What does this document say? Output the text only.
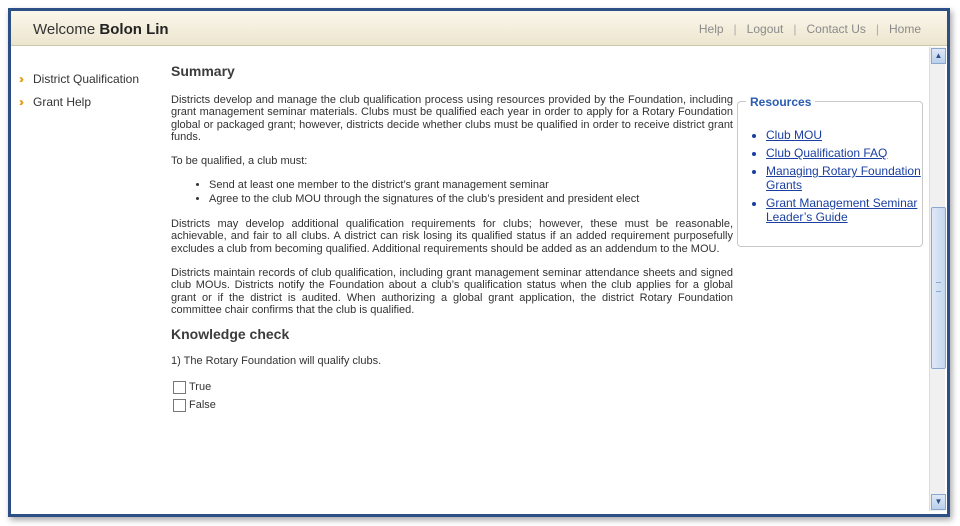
Welcome Bolon Lin	Help | Logout | Contact Us | Home
››	District Qualification
››	Grant Help
Summary

Districts develop and manage the club qualification process using resources provided by the Foundation, including grant management seminar materials. Clubs must be qualified each year in order to apply for a Rotary Foundation global or packaged grant; however, districts decide whether clubs must be qualified in order to receive district grant funds.

To be qualified, a club must:

• Send at least one member to the district’s grant management seminar
• Agree to the club MOU through the signatures of the club’s president and president elect

Districts may develop additional qualification requirements for clubs; however, these must be reasonable, achievable, and fair to all clubs. A district can risk losing its qualified status if an added requirement purposefully excludes a club from becoming qualified. Additional requirements should be added as an addendum to the MOU.

Districts maintain records of club qualification, including grant management seminar attendance sheets and signed club MOUs. Districts notify the Foundation about a club’s qualification status when the club applies for a global grant or if the district is audited. When authorizing a global grant application, the district Rotary Foundation committee chair confirms that the club is qualified.

Knowledge check
1) The Rotary Foundation will qualify clubs.
True
False
Resources
• Club MOU
• Club Qualification FAQ
• Managing Rotary Foundation Grants
• Grant Management Seminar Leader’s Guide
▲
▼
